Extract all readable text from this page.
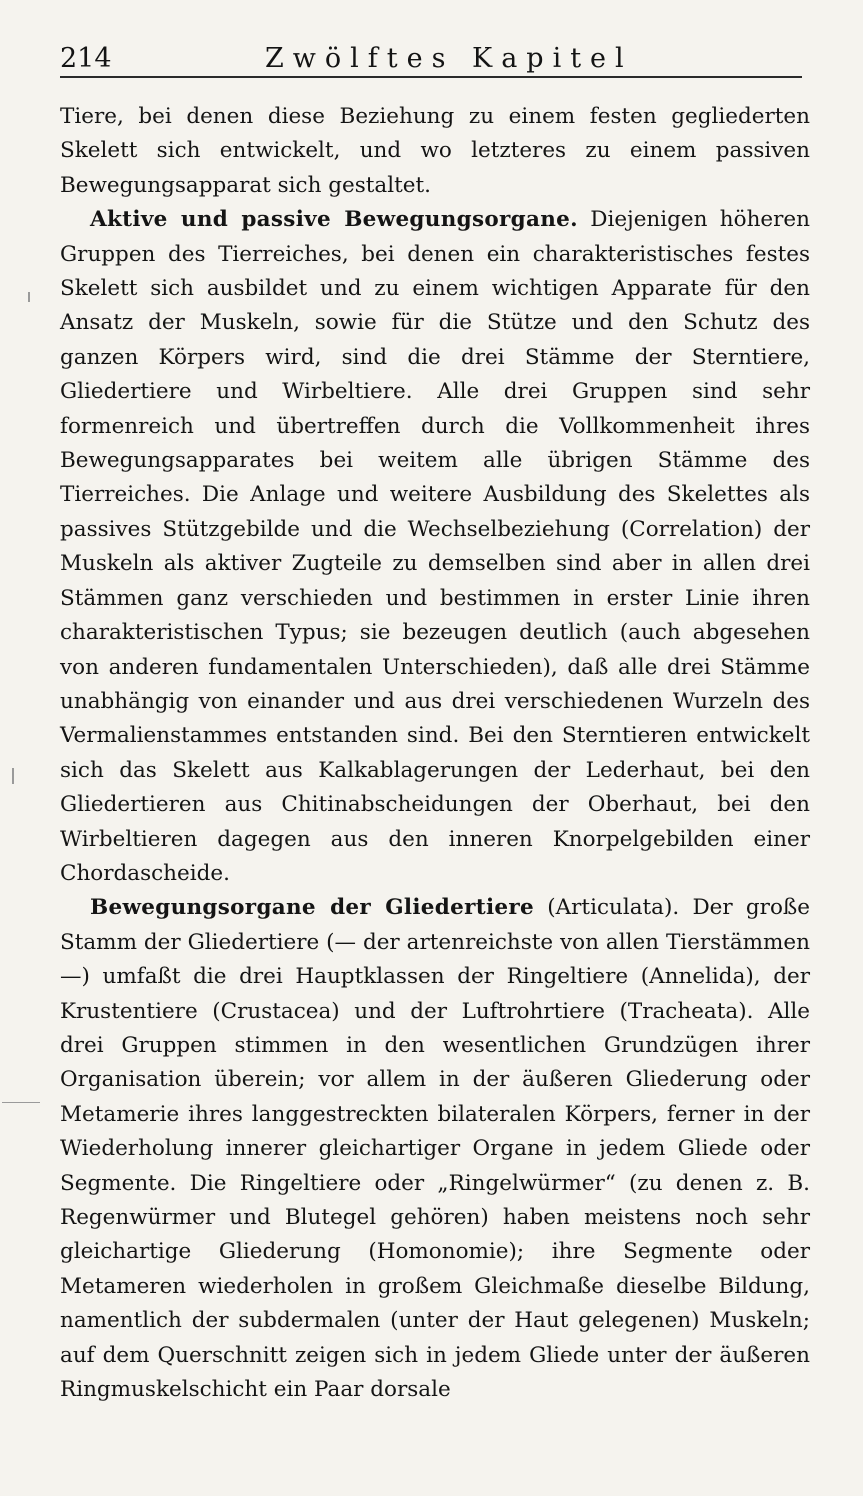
214	Zwölftes Kapitel

Tiere, bei denen diese Beziehung zu einem festen gegliederten Skelett sich entwickelt, und wo letzteres zu einem passiven Bewegungsapparat sich gestaltet.

Aktive und passive Bewegungsorgane. Diejenigen höheren Gruppen des Tierreiches, bei denen ein charakteristisches festes Skelett sich ausbildet und zu einem wichtigen Apparate für den Ansatz der Muskeln, sowie für die Stütze und den Schutz des ganzen Körpers wird, sind die drei Stämme der Sterntiere, Gliedertiere und Wirbeltiere. Alle drei Gruppen sind sehr formenreich und übertreffen durch die Vollkommenheit ihres Bewegungsapparates bei weitem alle übrigen Stämme des Tierreiches. Die Anlage und weitere Ausbildung des Skelettes als passives Stützgebilde und die Wechselbeziehung (Correlation) der Muskeln als aktiver Zugteile zu demselben sind aber in allen drei Stämmen ganz verschieden und bestimmen in erster Linie ihren charakteristischen Typus; sie bezeugen deutlich (auch abgesehen von anderen fundamentalen Unterschieden), daß alle drei Stämme unabhängig von einander und aus drei verschiedenen Wurzeln des Vermalienstammes entstanden sind. Bei den Sterntieren entwickelt sich das Skelett aus Kalkablagerungen der Lederhaut, bei den Gliedertieren aus Chitinabscheidungen der Oberhaut, bei den Wirbeltieren dagegen aus den inneren Knorpelgebilden einer Chordascheide.

Bewegungsorgane der Gliedertiere (Articulata). Der große Stamm der Gliedertiere (— der artenreichste von allen Tierstämmen —) umfaßt die drei Hauptklassen der Ringeltiere (Annelida), der Krustentiere (Crustacea) und der Luftrohrtiere (Tracheata). Alle drei Gruppen stimmen in den wesentlichen Grundzügen ihrer Organisation überein; vor allem in der äußeren Gliederung oder Metamerie ihres langgestreckten bilateralen Körpers, ferner in der Wiederholung innerer gleichartiger Organe in jedem Gliede oder Segmente. Die Ringeltiere oder „Ringelwürmer“ (zu denen z. B. Regenwürmer und Blutegel gehören) haben meistens noch sehr gleichartige Gliederung (Homonomie); ihre Segmente oder Metameren wiederholen in großem Gleichmaße dieselbe Bildung, namentlich der subdermalen (unter der Haut gelegenen) Muskeln; auf dem Querschnitt zeigen sich in jedem Gliede unter der äußeren Ringmuskelschicht ein Paar dorsale
